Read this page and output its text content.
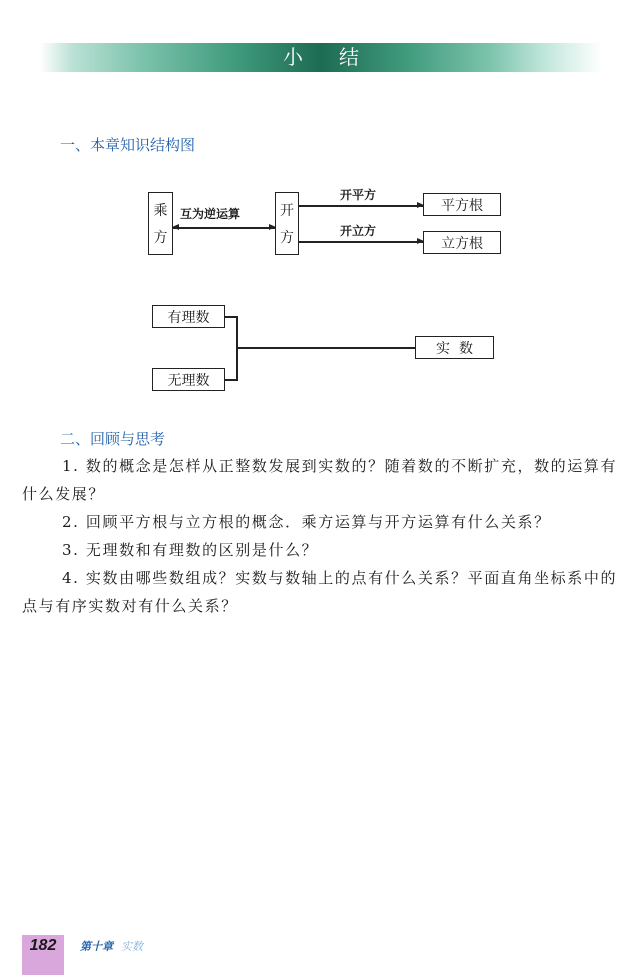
小结
一、本章知识结构图
乘
方
互为逆运算	开
方
开平方
平方根
开立方
立方根
有理数
无理数
实  数
二、回顾与思考
1. 数的概念是怎样从正整数发展到实数的？随着数的不断扩充，数的运算有什么发展？
2. 回顾平方根与立方根的概念．乘方运算与开方运算有什么关系？
3. 无理数和有理数的区别是什么？
4. 实数由哪些数组成？实数与数轴上的点有什么关系？平面直角坐标系中的点与有序实数对有什么关系？
182	第十章 实数
